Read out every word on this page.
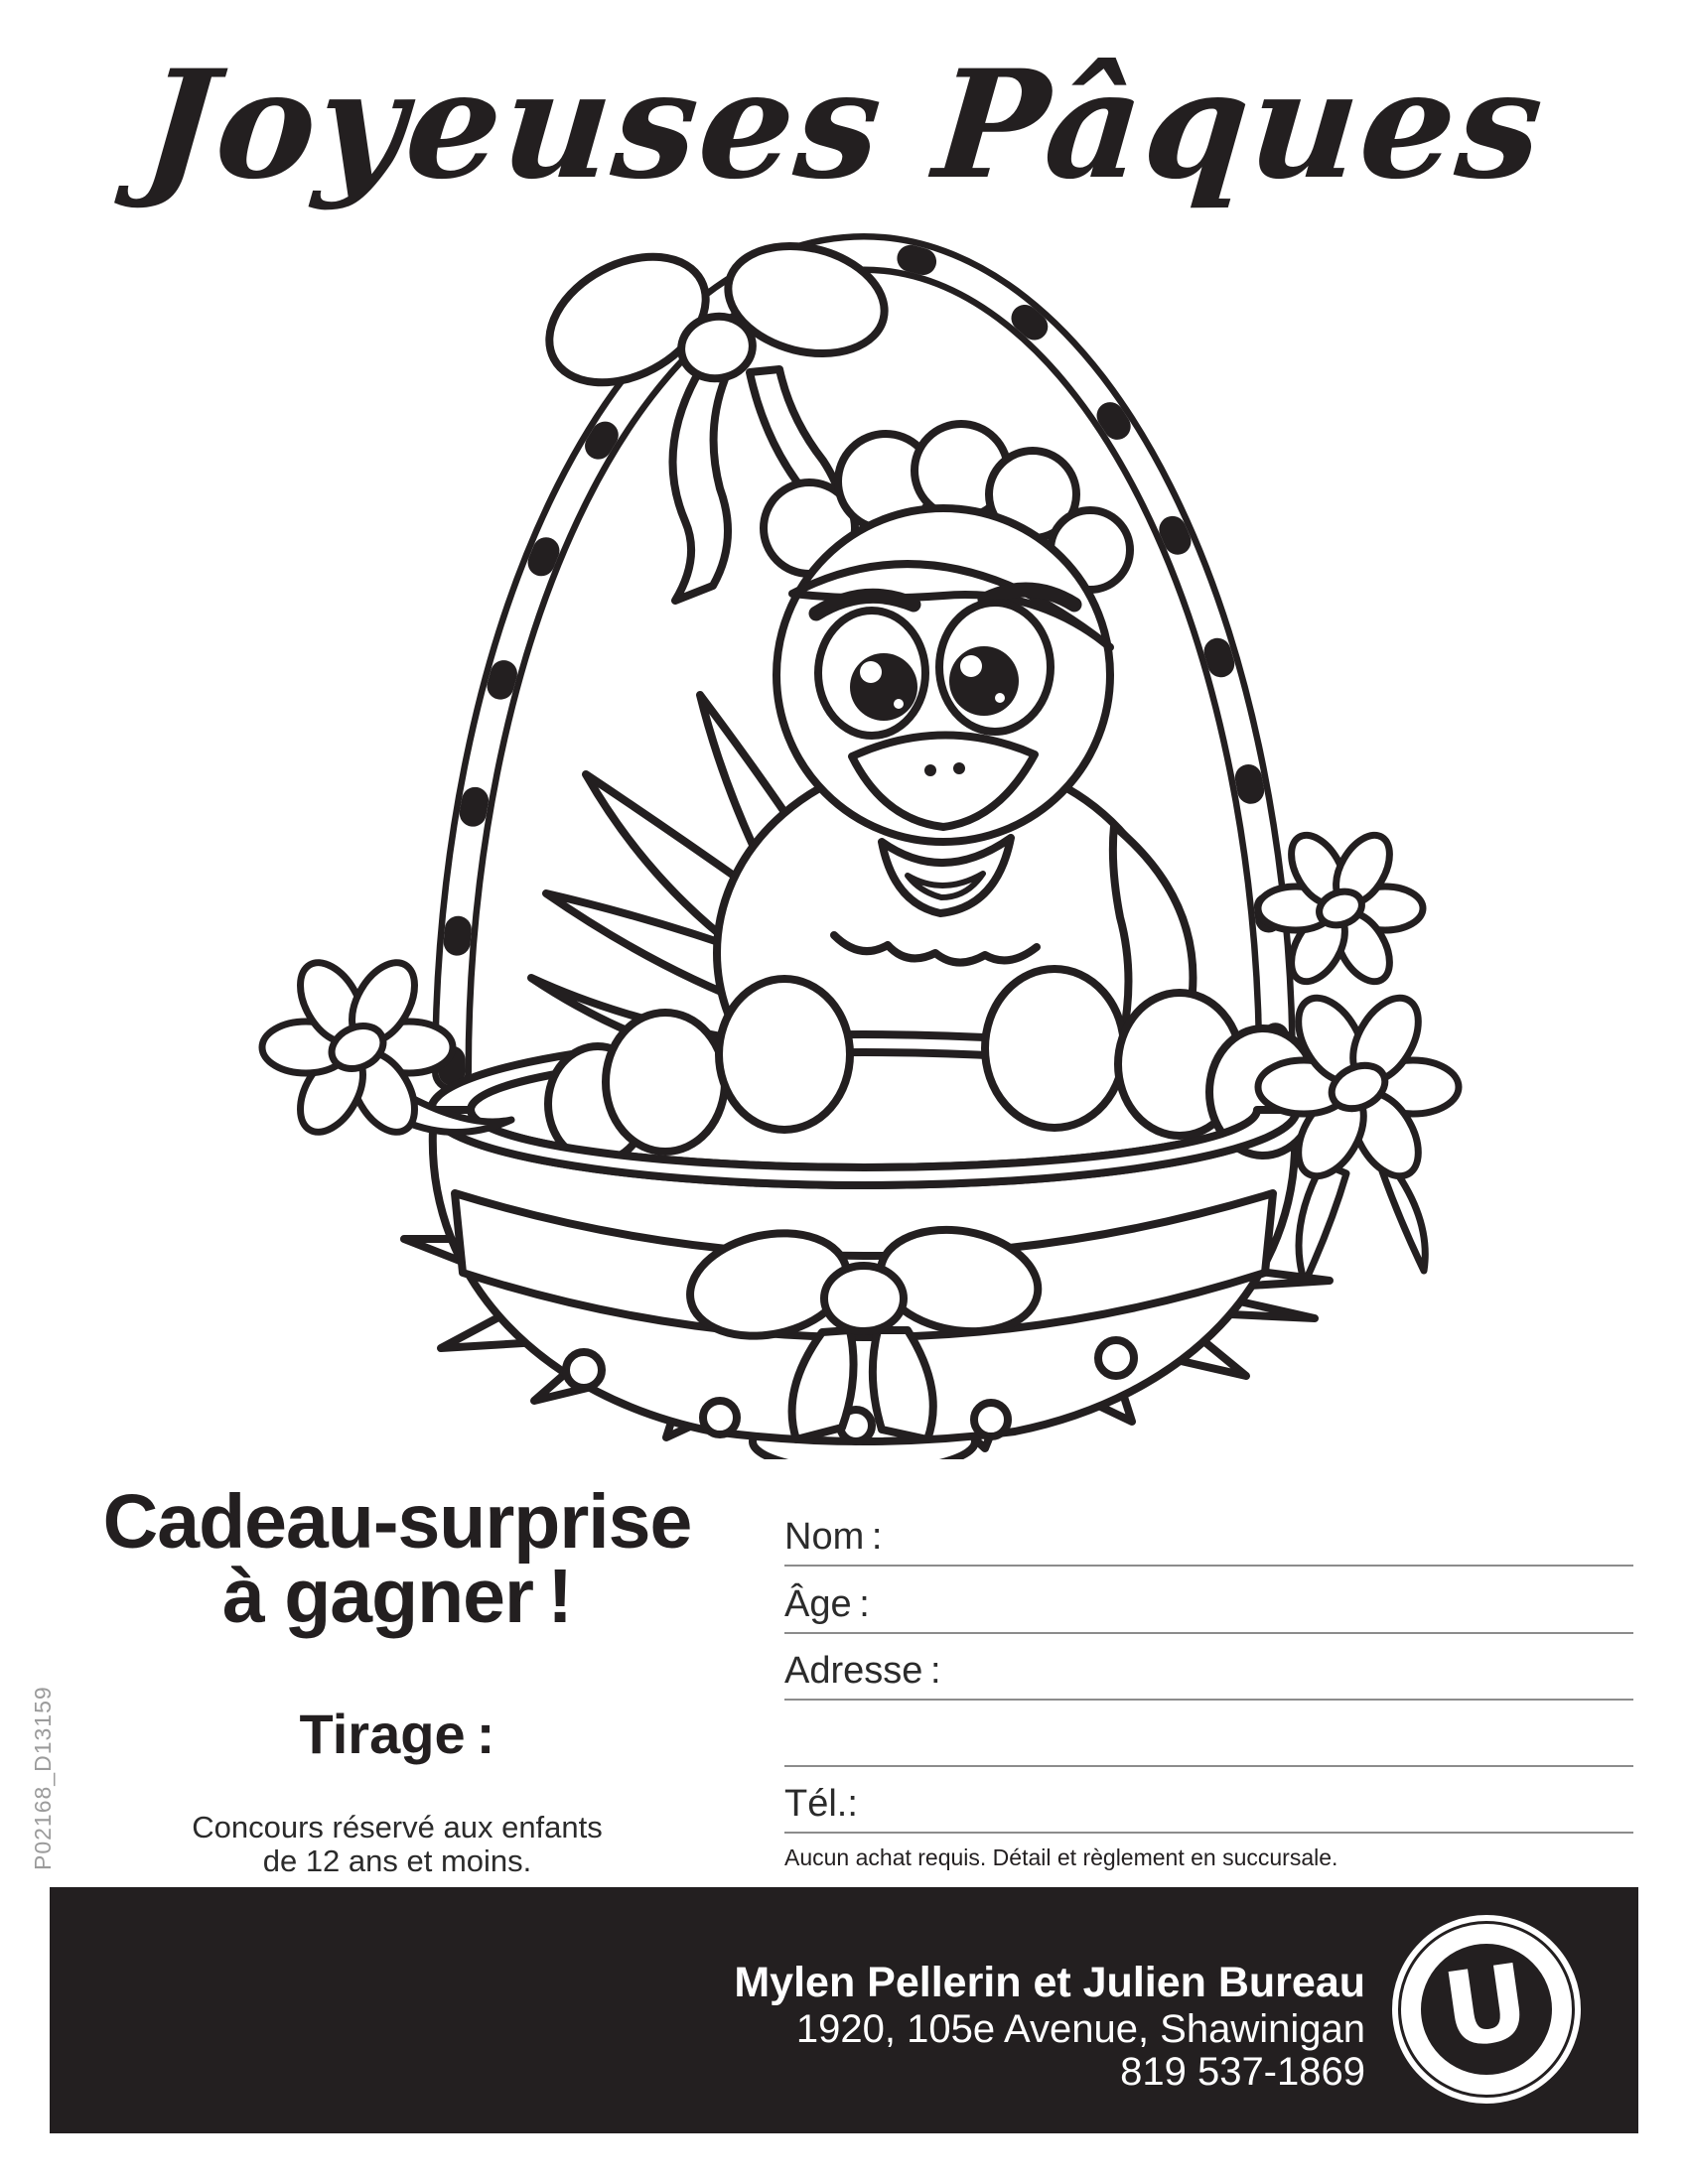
Joyeuses Pâques
Cadeau-surprise
à gagner !
Tirage :
Concours réservé aux enfants
de 12 ans et moins.
Nom :
Âge :
Adresse :
Tél.:
Aucun achat requis. Détail et règlement en succursale.
P02168_D13159
Mylen Pellerin et Julien Bureau
1920, 105e Avenue, Shawinigan
819 537-1869 U
